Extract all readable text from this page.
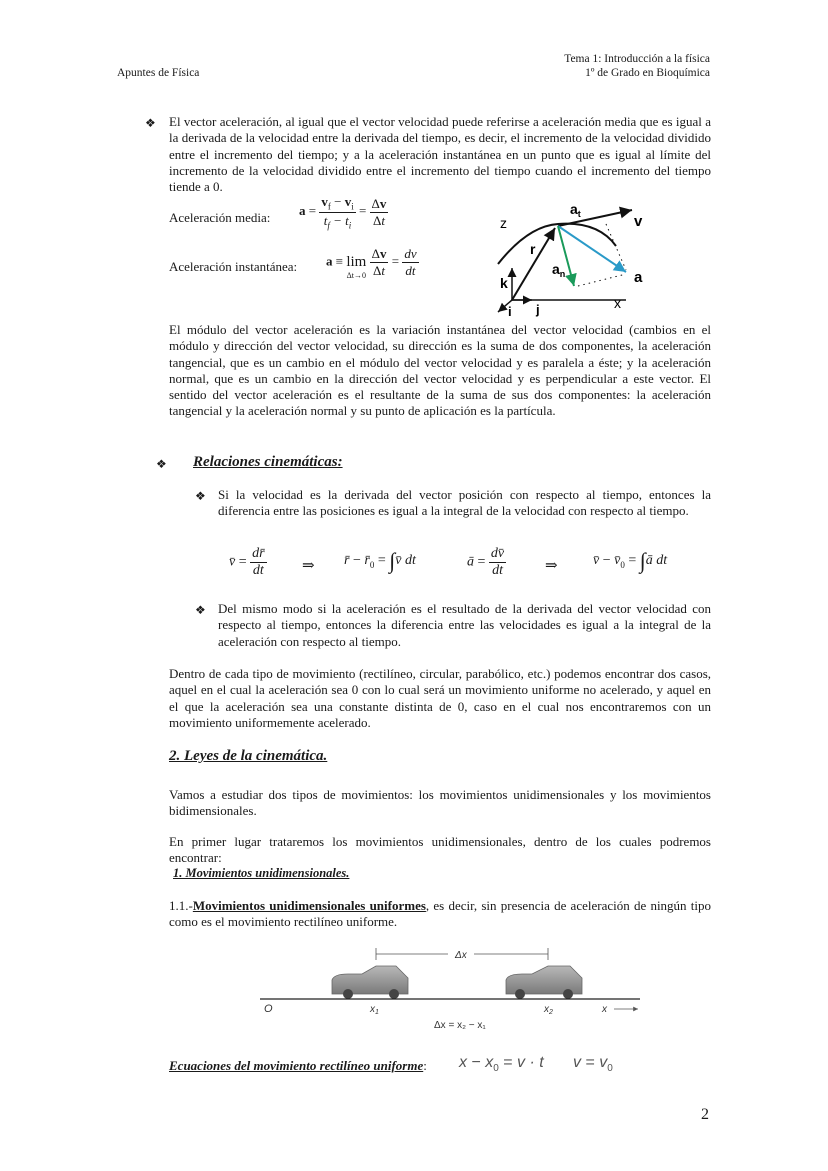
Apuntes de Física
Tema 1: Introducción a la física
1º de Grado en Bioquímica
❖ El vector aceleración, al igual que el vector velocidad puede referirse a aceleración media que es igual a la derivada de la velocidad entre la derivada del tiempo, es decir, el incremento de la velocidad dividido entre el incremento del tiempo; y a la aceleración instantánea en un punto que es igual al límite del incremento de la velocidad dividido entre el incremento del tiempo cuando el incremento del tiempo tiende a 0.
Aceleración media: $a = \frac{v_f - v_i}{t_f - t_i} = \frac{\Delta v}{\Delta t}$
Aceleración instantánea: a ≡ lim
Δt→0
$\frac{\Delta v}{\Delta t} = \frac{dv}{dt}$
z
r
k
i j	x
$a_t$
$a_n$
v
a
El módulo del vector aceleración es la variación instantánea del vector velocidad (cambios en el módulo y dirección del vector velocidad, su dirección es la suma de dos componentes, la aceleración tangencial, que es un cambio en el módulo del vector velocidad y es paralela a éste; y la aceleración normal, que es un cambio en la dirección del vector velocidad y es perpendicular a este vector. El sentido del vector aceleración es el resultante de la suma de sus dos componentes: la aceleración tangencial y la aceleración normal y su punto de aplicación es la partícula.
❖ Relaciones cinemáticas:
❖ Si la velocidad es la derivada del vector posición con respecto al tiempo, entonces la diferencia entre las posiciones es igual a la integral de la velocidad con respecto al tiempo.
v̄ = $\frac{dr̄}{dt}$ ⇒ r̄ − $r̄_0$ = ∫v̄ dt	ā = $\frac{dv̄}{dt}$	⇒	v̄ − $v̄_0$ = ∫ā dt
❖ Del mismo modo si la aceleración es el resultado de la derivada del vector velocidad con respecto al tiempo, entonces la diferencia entre las velocidades es igual a la integral de la aceleración con respecto al tiempo.
Dentro de cada tipo de movimiento (rectilíneo, circular, parabólico, etc.) podemos encontrar dos casos, aquel en el cual la aceleración sea 0 con lo cual será un movimiento uniforme no acelerado, y aquel en el que la aceleración sea una constante distinta de 0, caso en el cual nos encontraremos con un movimiento uniformemente acelerado.
2. Leyes de la cinemática.
Vamos a estudiar dos tipos de movimientos: los movimientos unidimensionales y los movimientos bidimensionales.
En primer lugar trataremos los movimientos unidimensionales, dentro de los cuales podremos encontrar:
1. Movimientos unidimensionales.
1.1.-Movimientos unidimensionales uniformes, es decir, sin presencia de aceleración de ningún tipo como es el movimiento rectilíneo uniforme.
Δx
O	$x_1$	$x_2$	x
Δx = x₂ − x₁
Ecuaciones del movimiento rectilíneo uniforme: $x - x_0 = v \cdot t$ $v = v_0$
2
